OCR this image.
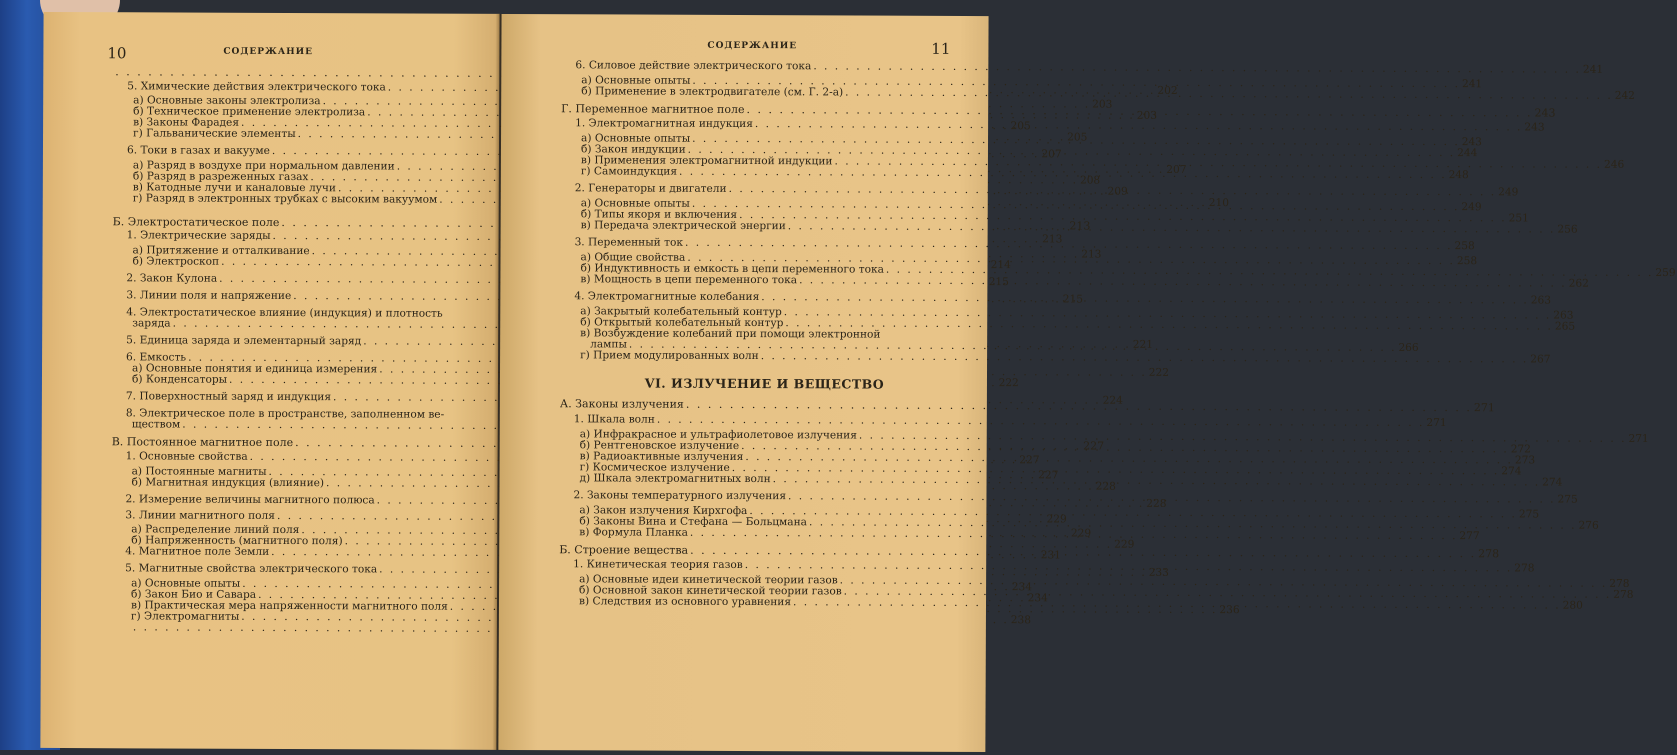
10	СОДЕРЖАНИЕ
. . .
5. Химические действия электрического тока . . .	202
а) Основные законы электролиза . . .	203
б) Техническое применение электролиза . . .	203
в) Законы Фарадея . . .	205
г) Гальванические элементы . . .	205
6. Токи в газах и вакууме . . .	207
а) Разряд в воздухе при нормальном давлении . . .	207
б) Разряд в разреженных газах . . .	208
в) Катодные лучи и каналовые лучи . . .	209
г) Разряд в электронных трубках с высоким вакуумом . . .	210
Б. Электростатическое поле . . .	213
1. Электрические заряды . . .	213
а) Притяжение и отталкивание . . .	213
б) Электроскоп . . .	214
2. Закон Кулона . . .	215
3. Линии поля и напряжение . . .	215
4. Электростатическое влияние (индукция) и плотность
заряда
. . .
5. Единица заряда и элементарный заряд . . .	221
6. Емкость
. . .
а) Основные понятия и единица измерения . . .	222
б) Конденсаторы . . .	222
7. Поверхностный заряд и индукция . . .	224
8. Электрическое поле в пространстве, заполненном ве-
ществом
. . .
В. Постоянное магнитное поле . . .	227
1. Основные свойства . . .	227
а) Постоянные магниты . . .	227
б) Магнитная индукция (влияние) . . .	228
2. Измерение величины магнитного полюса . . .	228
3. Линии магнитного поля . . .	229
а) Распределение линий поля . . .	229
б) Напряженность (магнитного поля) . . .	229
4. Магнитное поле Земли . . .	231
5. Магнитные свойства электрического тока . . .	233
а) Основные опыты . . .	234
б) Закон Био и Савара . . .	234
в) Практическая мера напряженности магнитного поля . . .	236
г) Электромагниты . . .	238
. . .
СОДЕРЖАНИЕ	11
6. Силовое действие электрического тока . . .	241
а) Основные опыты . . .	241
б) Применение в электродвигателе (см. Г. 2-а) . . .	242
Г. Переменное магнитное поле . . .	243
1. Электромагнитная индукция . . .	243
а) Основные опыты . . .	243
б) Закон индукции . . .	244
в) Применения электромагнитной индукции . . .	246
г) Самоиндукция . . .	248
2. Генераторы и двигатели . . .	249
а) Основные опыты . . .	249
б) Типы якоря и включения . . .	251
в) Передача электрической энергии . . .	256
3. Переменный ток . . .	258
а) Общие свойства . . .	258
б) Индуктивность и емкость в цепи переменного тока . . .	259
в) Мощность в цепи переменного тока . . .	262
4. Электромагнитные колебания . . .	263
а) Закрытый колебательный контур . . .	263
б) Открытый колебательный контур . . .	265
в) Возбуждение колебаний при помощи электронной
лампы . . .	266
г) Прием модулированных волн . . .	267
VI. ИЗЛУЧЕНИЕ И ВЕЩЕСТВО
А. Законы излучения . . .	271
1. Шкала волн . . .	271
а) Инфракрасное и ультрафиолетовое излучения . . .	271
б) Рентгеновское излучение . . .	272
в) Радиоактивные излучения . . .	273
г) Космическое излучение . . .	274
д) Шкала электромагнитных волн . . .	274
2. Законы температурного излучения . . .	275
а) Закон излучения Кирхгофа . . .	275
б) Законы Вина и Стефана — Больцмана . . .	276
в) Формула Планка . . .	277
Б. Строение вещества . . .	278
1. Кинетическая теория газов . . .	278
а) Основные идеи кинетической теории газов . . .	278
б) Основной закон кинетической теории газов . . .	278
в) Следствия из основного уравнения . . .	280
